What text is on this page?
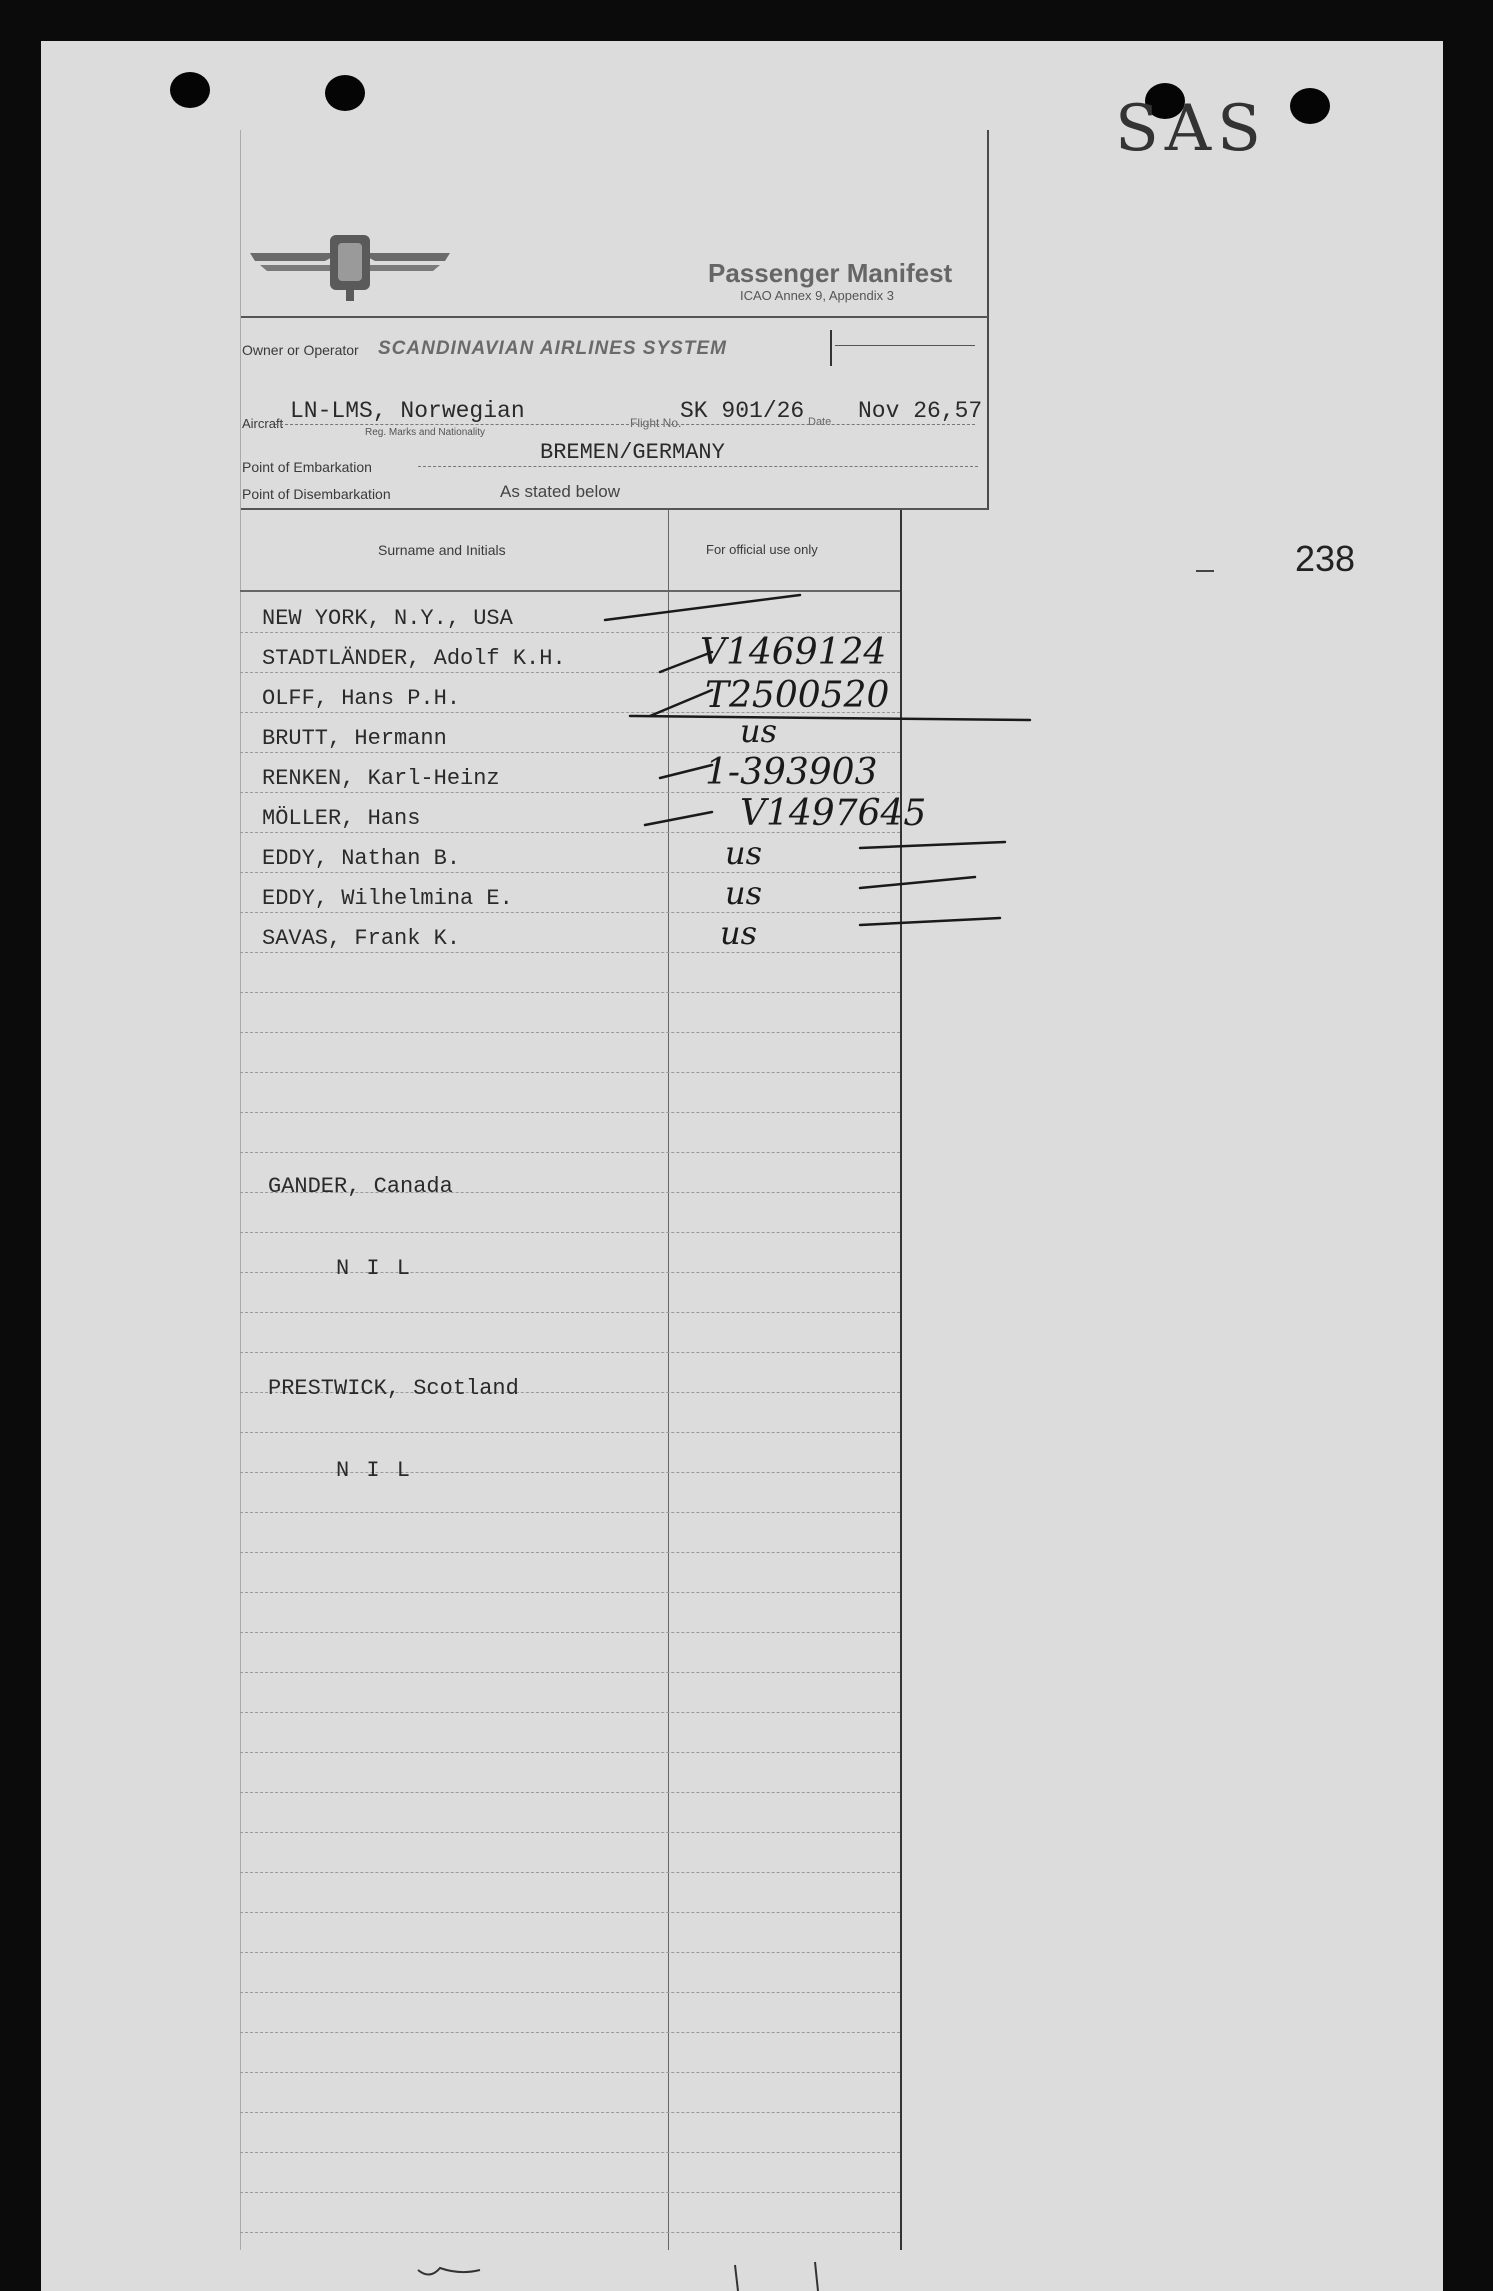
SAS
238
Passenger Manifest
ICAO Annex 9, Appendix 3
Owner or Operator SCANDINAVIAN AIRLINES SYSTEM
Aircraft LN-LMS, Norwegian
Reg. Marks and Nationality
Flight No.
SK 901/26 Date Nov 26,57
Point of Embarkation
BREMEN/GERMANY
Point of Disembarkation	As stated below
Surname and Initials	For official use only
NEW YORK, N.Y., USA
STADTLÄNDER, Adolf K.H.
OLFF, Hans P.H.
BRUTT, Hermann
RENKEN, Karl-Heinz
MÖLLER, Hans
EDDY, Nathan B.
EDDY, Wilhelmina E.
SAVAS, Frank K.
V1469124
T2500520
us
1-393903
V1497645
us
us
us
GANDER, Canada
N I L
PRESTWICK, Scotland
N I L
